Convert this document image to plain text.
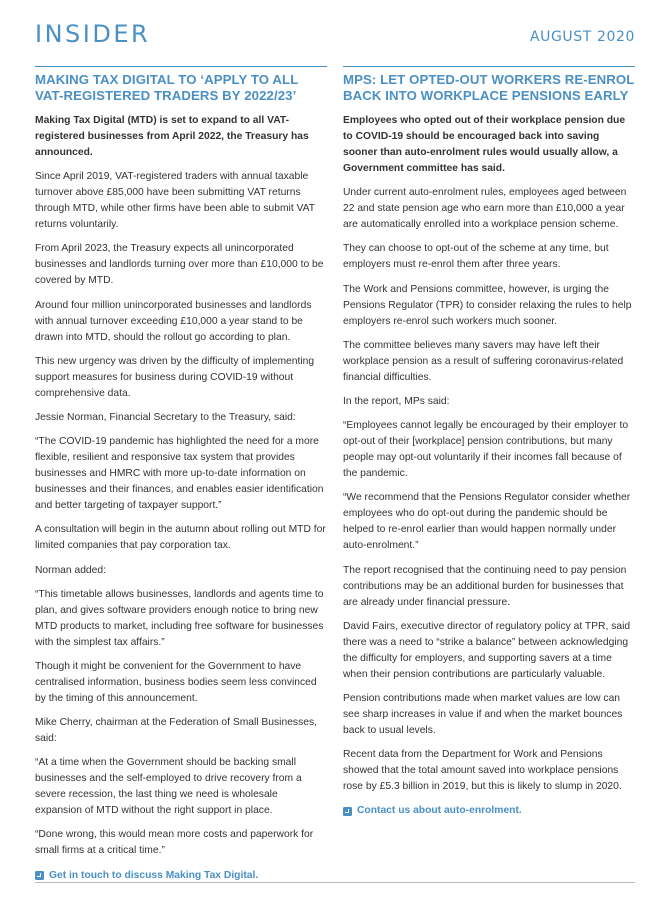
INSIDER	AUGUST 2020
MAKING TAX DIGITAL TO ‘APPLY TO ALL VAT-REGISTERED TRADERS BY 2022/23’

Making Tax Digital (MTD) is set to expand to all VAT-registered businesses from April 2022, the Treasury has announced.

Since April 2019, VAT-registered traders with annual taxable turnover above £85,000 have been submitting VAT returns through MTD, while other firms have been able to submit VAT returns voluntarily.

From April 2023, the Treasury expects all unincorporated businesses and landlords turning over more than £10,000 to be covered by MTD.

Around four million unincorporated businesses and landlords with annual turnover exceeding £10,000 a year stand to be drawn into MTD, should the rollout go according to plan.

This new urgency was driven by the difficulty of implementing support measures for business during COVID-19 without comprehensive data.

Jessie Norman, Financial Secretary to the Treasury, said:

“The COVID-19 pandemic has highlighted the need for a more flexible, resilient and responsive tax system that provides businesses and HMRC with more up-to-date information on businesses and their finances, and enables easier identification and better targeting of taxpayer support.”

A consultation will begin in the autumn about rolling out MTD for limited companies that pay corporation tax.

Norman added:

“This timetable allows businesses, landlords and agents time to plan, and gives software providers enough notice to bring new MTD products to market, including free software for businesses with the simplest tax affairs.”

Though it might be convenient for the Government to have centralised information, business bodies seem less convinced by the timing of this announcement.

Mike Cherry, chairman at the Federation of Small Businesses, said:

“At a time when the Government should be backing small businesses and the self-employed to drive recovery from a severe recession, the last thing we need is wholesale expansion of MTD without the right support in place.

“Done wrong, this would mean more costs and paperwork for small firms at a critical time.”

Get in touch to discuss Making Tax Digital.
MPS: LET OPTED-OUT WORKERS RE-ENROL BACK INTO WORKPLACE PENSIONS EARLY

Employees who opted out of their workplace pension due to COVID-19 should be encouraged back into saving sooner than auto-enrolment rules would usually allow, a Government committee has said.

Under current auto-enrolment rules, employees aged between 22 and state pension age who earn more than £10,000 a year are automatically enrolled into a workplace pension scheme.

They can choose to opt-out of the scheme at any time, but employers must re-enrol them after three years.

The Work and Pensions committee, however, is urging the Pensions Regulator (TPR) to consider relaxing the rules to help employers re-enrol such workers much sooner.

The committee believes many savers may have left their workplace pension as a result of suffering coronavirus-related financial difficulties.

In the report, MPs said:

“Employees cannot legally be encouraged by their employer to opt-out of their [workplace] pension contributions, but many people may opt-out voluntarily if their incomes fall because of the pandemic.

“We recommend that the Pensions Regulator consider whether employees who do opt-out during the pandemic should be helped to re-enrol earlier than would happen normally under auto-enrolment.”

The report recognised that the continuing need to pay pension contributions may be an additional burden for businesses that are already under financial pressure.

David Fairs, executive director of regulatory policy at TPR, said there was a need to “strike a balance” between acknowledging the difficulty for employers, and supporting savers at a time when their pension contributions are particularly valuable.

Pension contributions made when market values are low can see sharp increases in value if and when the market bounces back to usual levels.

Recent data from the Department for Work and Pensions showed that the total amount saved into workplace pensions rose by £5.3 billion in 2019, but this is likely to slump in 2020.

Contact us about auto-enrolment.
